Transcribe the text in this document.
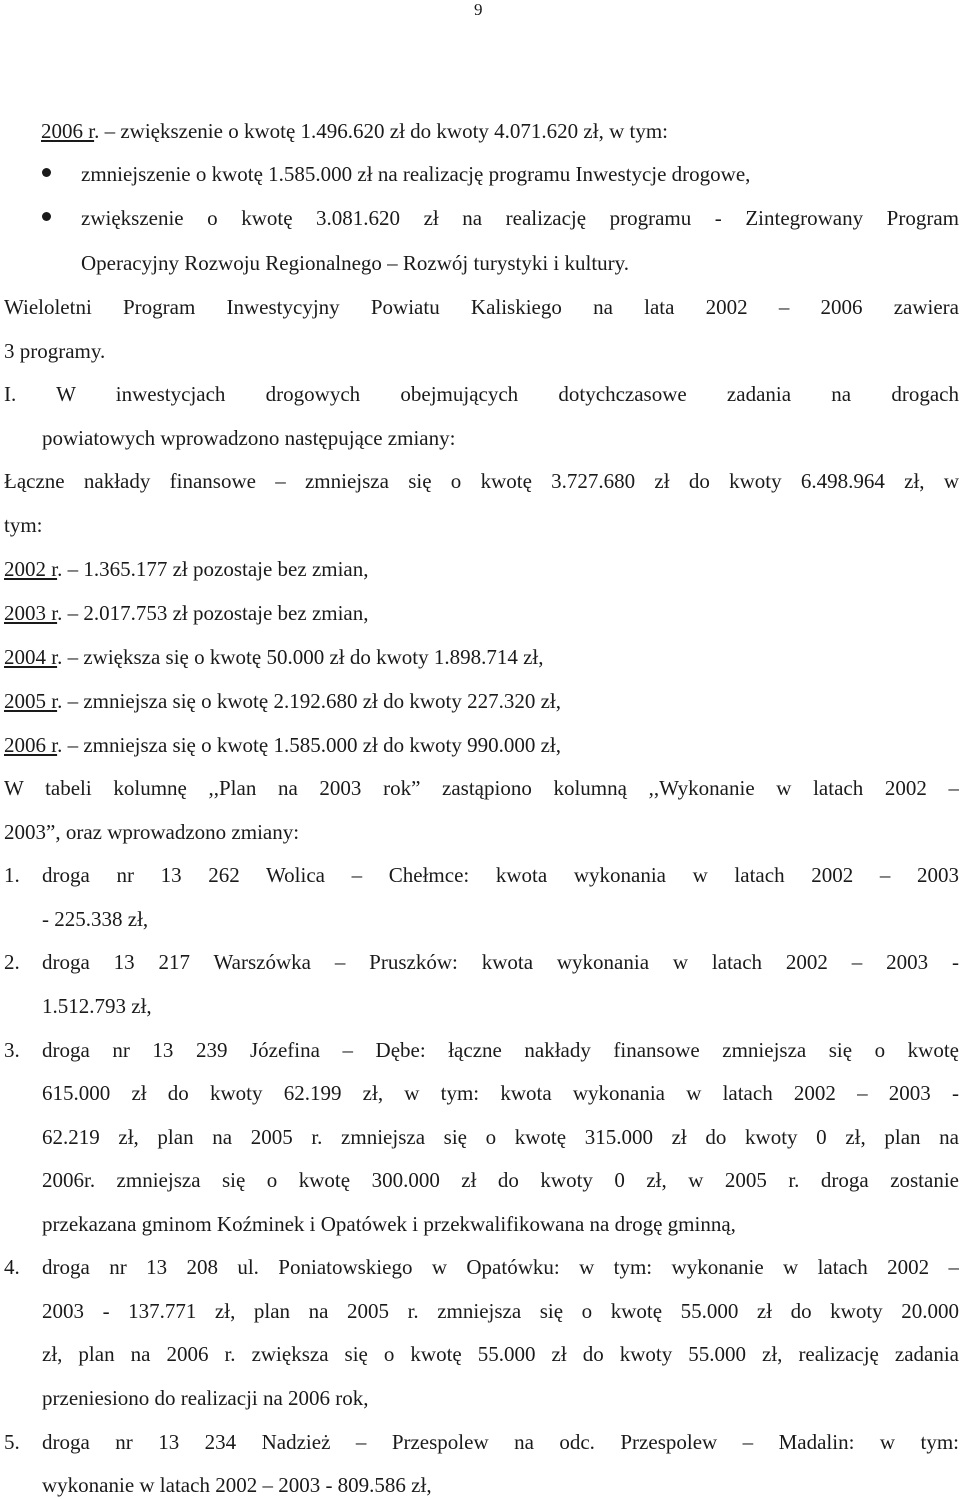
9
2006 r. – zwiększenie o kwotę 1.496.620 zł do kwoty 4.071.620 zł, w tym:
zmniejszenie o kwotę 1.585.000 zł na realizację programu Inwestycje drogowe,
zwiększenie o kwotę 3.081.620 zł na realizację programu - Zintegrowany Program
Operacyjny Rozwoju Regionalnego – Rozwój turystyki i kultury.
Wieloletni Program Inwestycyjny Powiatu Kaliskiego na lata 2002 – 2006 zawiera
3 programy.
I. W inwestycjach drogowych obejmujących dotychczasowe zadania na drogach
powiatowych wprowadzono następujące zmiany:
Łączne nakłady finansowe – zmniejsza się o kwotę 3.727.680 zł do kwoty 6.498.964 zł, w
tym:
2002 r. – 1.365.177 zł pozostaje bez zmian,
2003 r. – 2.017.753 zł pozostaje bez zmian,
2004 r. – zwiększa się o kwotę 50.000 zł do kwoty 1.898.714 zł,
2005 r. – zmniejsza się o kwotę 2.192.680 zł do kwoty 227.320 zł,
2006 r. – zmniejsza się o kwotę 1.585.000 zł do kwoty 990.000 zł,
W tabeli kolumnę ,,Plan na 2003 rok” zastąpiono kolumną ,,Wykonanie w latach 2002 –
2003”, oraz wprowadzono zmiany:
1.	droga nr 13 262 Wolica – Chełmce: kwota wykonania w latach 2002 – 2003
- 225.338 zł,
2.	droga 13 217 Warszówka – Pruszków: kwota wykonania w latach 2002 – 2003 -
1.512.793 zł,
3.	droga nr 13 239 Józefina – Dębe: łączne nakłady finansowe zmniejsza się o kwotę
615.000 zł do kwoty 62.199 zł, w tym: kwota wykonania w latach 2002 – 2003 -
62.219 zł, plan na 2005 r. zmniejsza się o kwotę 315.000 zł do kwoty 0 zł, plan na
2006r. zmniejsza się o kwotę 300.000 zł do kwoty 0 zł, w 2005 r. droga zostanie
przekazana gminom Koźminek i Opatówek i przekwalifikowana na drogę gminną,
4.	droga nr 13 208 ul. Poniatowskiego w Opatówku: w tym: wykonanie w latach 2002 –
2003 - 137.771 zł, plan na 2005 r. zmniejsza się o kwotę 55.000 zł do kwoty 20.000
zł, plan na 2006 r. zwiększa się o kwotę 55.000 zł do kwoty 55.000 zł, realizację zadania
przeniesiono do realizacji na 2006 rok,
5.	droga nr 13 234 Nadzież – Przespolew na odc. Przespolew – Madalin: w tym:
wykonanie w latach 2002 – 2003 - 809.586 zł,
